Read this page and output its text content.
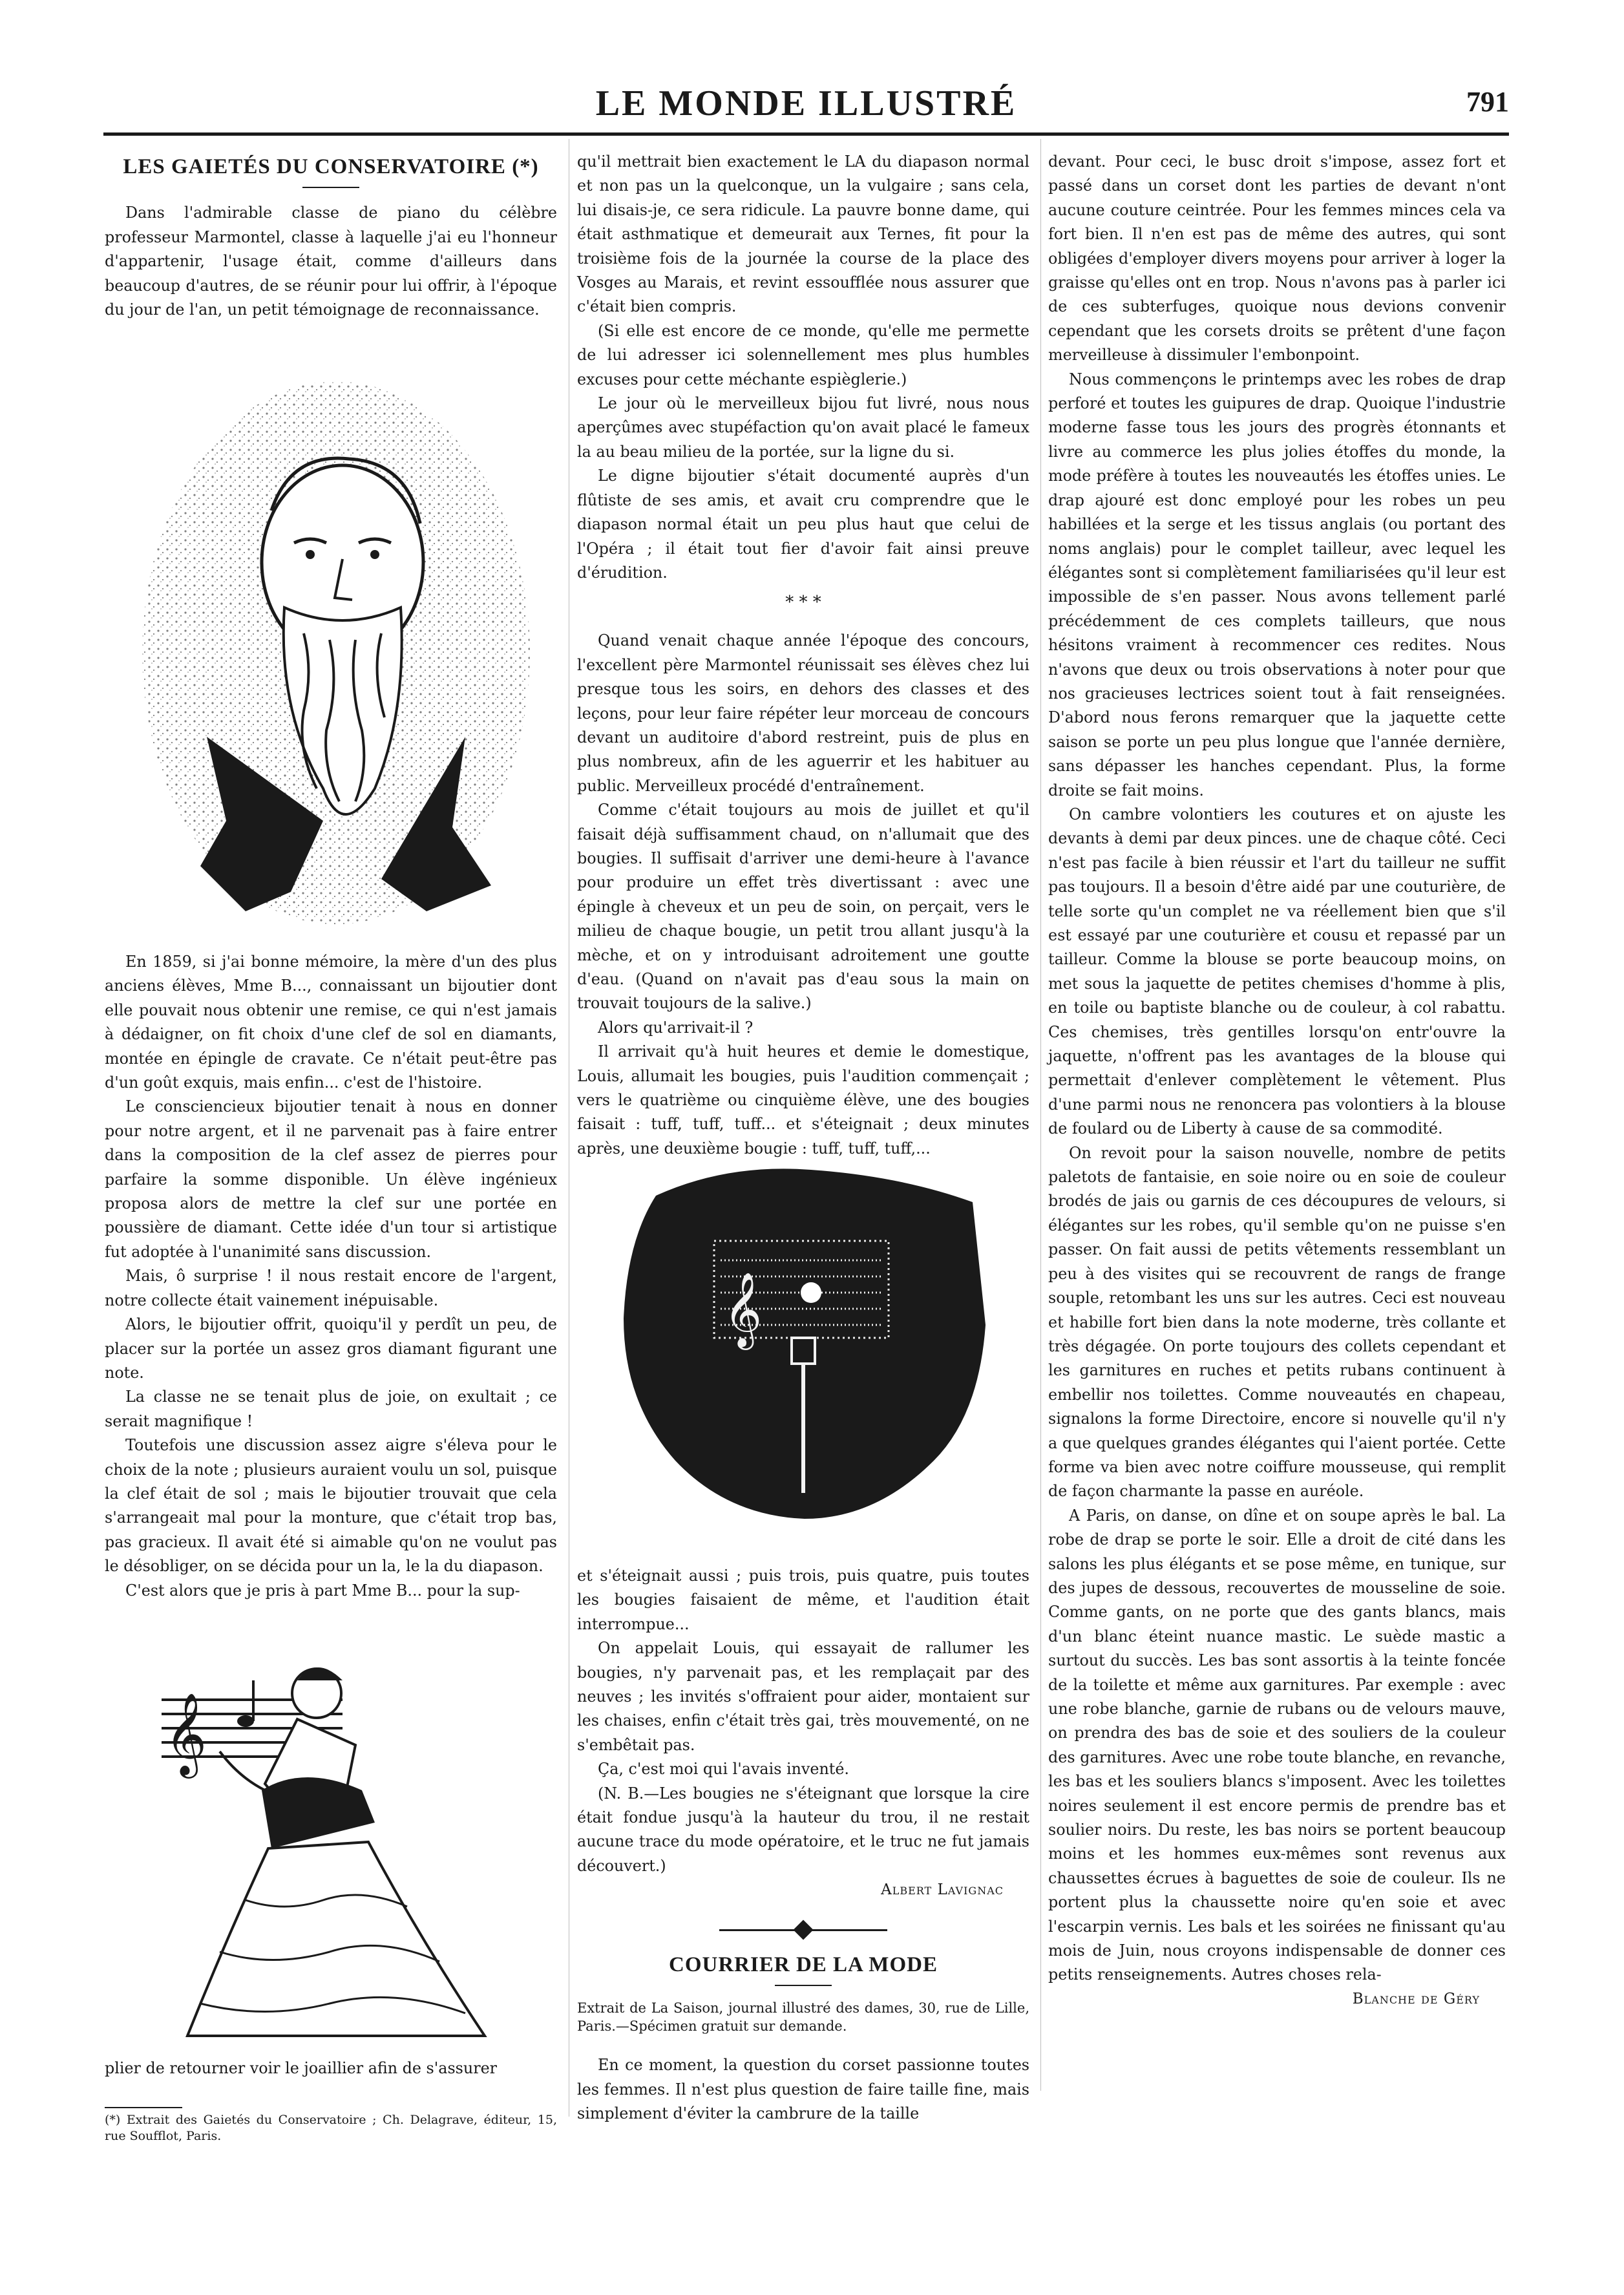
LE MONDE ILLUSTRÉ	791

LES GAIETÉS DU CONSERVATOIRE (*)

Dans l'admirable classe de piano du célèbre professeur Marmontel, classe à laquelle j'ai eu l'honneur d'appartenir, l'usage était, comme d'ailleurs dans beaucoup d'autres, de se réunir pour lui offrir, à l'époque du jour de l'an, un petit témoignage de reconnaissance.

En 1859, si j'ai bonne mémoire, la mère d'un des plus anciens élèves, Mme B..., connaissant un bijoutier dont elle pouvait nous obtenir une remise, ce qui n'est jamais à dédaigner, on fit choix d'une clef de sol en diamants, montée en épingle de cravate. Ce n'était peut-être pas d'un goût exquis, mais enfin... c'est de l'histoire.

Le consciencieux bijoutier tenait à nous en donner pour notre argent, et il ne parvenait pas à faire entrer dans la composition de la clef assez de pierres pour parfaire la somme disponible. Un élève ingénieux proposa alors de mettre la clef sur une portée en poussière de diamant. Cette idée d'un tour si artistique fut adoptée à l'unanimité sans discussion.

Mais, ô surprise ! il nous restait encore de l'argent, notre collecte était vainement inépuisable.

Alors, le bijoutier offrit, quoiqu'il y perdît un peu, de placer sur la portée un assez gros diamant figurant une note.

La classe ne se tenait plus de joie, on exultait ; ce serait magnifique !

Toutefois une discussion assez aigre s'éleva pour le choix de la note ; plusieurs auraient voulu un sol, puisque la clef était de sol ; mais le bijoutier trouvait que cela s'arrangeait mal pour la monture, que c'était trop bas, pas gracieux. Il avait été si aimable qu'on ne voulut pas le désobliger, on se décida pour un la, le la du diapason.

C'est alors que je pris à part Mme B... pour la sup-

𝄞

plier de retourner voir le joaillier afin de s'assurer

(*) Extrait des Gaietés du Conservatoire ; Ch. Delagrave, éditeur, 15, rue Soufflot, Paris.

qu'il mettrait bien exactement le LA du diapason normal et non pas un la quelconque, un la vulgaire ; sans cela, lui disais-je, ce sera ridicule. La pauvre bonne dame, qui était asthmatique et demeurait aux Ternes, fit pour la troisième fois de la journée la course de la place des Vosges au Marais, et revint essoufflée nous assurer que c'était bien compris.

(Si elle est encore de ce monde, qu'elle me permette de lui adresser ici solennellement mes plus humbles excuses pour cette méchante espièglerie.)

Le jour où le merveilleux bijou fut livré, nous nous aperçûmes avec stupéfaction qu'on avait placé le fameux la au beau milieu de la portée, sur la ligne du si.

Le digne bijoutier s'était documenté auprès d'un flûtiste de ses amis, et avait cru comprendre que le diapason normal était un peu plus haut que celui de l'Opéra ; il était tout fier d'avoir fait ainsi preuve d'érudition.

* * *

Quand venait chaque année l'époque des concours, l'excellent père Marmontel réunissait ses élèves chez lui presque tous les soirs, en dehors des classes et des leçons, pour leur faire répéter leur morceau de concours devant un auditoire d'abord restreint, puis de plus en plus nombreux, afin de les aguerrir et les habituer au public. Merveilleux procédé d'entraînement.

Comme c'était toujours au mois de juillet et qu'il faisait déjà suffisamment chaud, on n'allumait que des bougies. Il suffisait d'arriver une demi-heure à l'avance pour produire un effet très divertissant : avec une épingle à cheveux et un peu de soin, on perçait, vers le milieu de chaque bougie, un petit trou allant jusqu'à la mèche, et on y introduisant adroitement une goutte d'eau. (Quand on n'avait pas d'eau sous la main on trouvait toujours de la salive.)

Alors qu'arrivait-il ?

Il arrivait qu'à huit heures et demie le domestique, Louis, allumait les bougies, puis l'audition commençait ; vers le quatrième ou cinquième élève, une des bougies faisait : tuff, tuff, tuff... et s'éteignait ; deux minutes après, une deuxième bougie : tuff, tuff, tuff,...

𝄞

et s'éteignait aussi ; puis trois, puis quatre, puis toutes les bougies faisaient de même, et l'audition était interrompue...

On appelait Louis, qui essayait de rallumer les bougies, n'y parvenait pas, et les remplaçait par des neuves ; les invités s'offraient pour aider, montaient sur les chaises, enfin c'était très gai, très mouvementé, on ne s'embêtait pas.

Ça, c'est moi qui l'avais inventé.

(N. B.—Les bougies ne s'éteignant que lorsque la cire était fondue jusqu'à la hauteur du trou, il ne restait aucune trace du mode opératoire, et le truc ne fut jamais découvert.)

Albert Lavignac

COURRIER DE LA MODE

Extrait de La Saison, journal illustré des dames, 30, rue de Lille, Paris.—Spécimen gratuit sur demande.

En ce moment, la question du corset passionne toutes les femmes. Il n'est plus question de faire taille fine, mais simplement d'éviter la cambrure de la taille

devant. Pour ceci, le busc droit s'impose, assez fort et passé dans un corset dont les parties de devant n'ont aucune couture ceintrée. Pour les femmes minces cela va fort bien. Il n'en est pas de même des autres, qui sont obligées d'employer divers moyens pour arriver à loger la graisse qu'elles ont en trop. Nous n'avons pas à parler ici de ces subterfuges, quoique nous devions convenir cependant que les corsets droits se prêtent d'une façon merveilleuse à dissimuler l'embonpoint.

Nous commençons le printemps avec les robes de drap perforé et toutes les guipures de drap. Quoique l'industrie moderne fasse tous les jours des progrès étonnants et livre au commerce les plus jolies étoffes du monde, la mode préfère à toutes les nouveautés les étoffes unies. Le drap ajouré est donc employé pour les robes un peu habillées et la serge et les tissus anglais (ou portant des noms anglais) pour le complet tailleur, avec lequel les élégantes sont si complètement familiarisées qu'il leur est impossible de s'en passer. Nous avons tellement parlé précédemment de ces complets tailleurs, que nous hésitons vraiment à recommencer ces redites. Nous n'avons que deux ou trois observations à noter pour que nos gracieuses lectrices soient tout à fait renseignées. D'abord nous ferons remarquer que la jaquette cette saison se porte un peu plus longue que l'année dernière, sans dépasser les hanches cependant. Plus, la forme droite se fait moins.

On cambre volontiers les coutures et on ajuste les devants à demi par deux pinces. une de chaque côté. Ceci n'est pas facile à bien réussir et l'art du tailleur ne suffit pas toujours. Il a besoin d'être aidé par une couturière, de telle sorte qu'un complet ne va réellement bien que s'il est essayé par une couturière et cousu et repassé par un tailleur. Comme la blouse se porte beaucoup moins, on met sous la jaquette de petites chemises d'homme à plis, en toile ou baptiste blanche ou de couleur, à col rabattu. Ces chemises, très gentilles lorsqu'on entr'ouvre la jaquette, n'offrent pas les avantages de la blouse qui permettait d'enlever complètement le vêtement. Plus d'une parmi nous ne renoncera pas volontiers à la blouse de foulard ou de Liberty à cause de sa commodité.

On revoit pour la saison nouvelle, nombre de petits paletots de fantaisie, en soie noire ou en soie de couleur brodés de jais ou garnis de ces découpures de velours, si élégantes sur les robes, qu'il semble qu'on ne puisse s'en passer. On fait aussi de petits vêtements ressemblant un peu à des visites qui se recouvrent de rangs de frange souple, retombant les uns sur les autres. Ceci est nouveau et habille fort bien dans la note moderne, très collante et très dégagée. On porte toujours des collets cependant et les garnitures en ruches et petits rubans continuent à embellir nos toilettes. Comme nouveautés en chapeau, signalons la forme Directoire, encore si nouvelle qu'il n'y a que quelques grandes élégantes qui l'aient portée. Cette forme va bien avec notre coiffure mousseuse, qui remplit de façon charmante la passe en auréole.

A Paris, on danse, on dîne et on soupe après le bal. La robe de drap se porte le soir. Elle a droit de cité dans les salons les plus élégants et se pose même, en tunique, sur des jupes de dessous, recouvertes de mousseline de soie. Comme gants, on ne porte que des gants blancs, mais d'un blanc éteint nuance mastic. Le suède mastic a surtout du succès. Les bas sont assortis à la teinte foncée de la toilette et même aux garnitures. Par exemple : avec une robe blanche, garnie de rubans ou de velours mauve, on prendra des bas de soie et des souliers de la couleur des garnitures. Avec une robe toute blanche, en revanche, les bas et les souliers blancs s'imposent. Avec les toilettes noires seulement il est encore permis de prendre bas et soulier noirs. Du reste, les bas noirs se portent beaucoup moins et les hommes eux-mêmes sont revenus aux chaussettes écrues à baguettes de soie de couleur. Ils ne portent plus la chaussette noire qu'en soie et avec l'escarpin vernis. Les bals et les soirées ne finissant qu'au mois de Juin, nous croyons indispensable de donner ces petits renseignements. Autres choses rela-

Blanche de Géry
